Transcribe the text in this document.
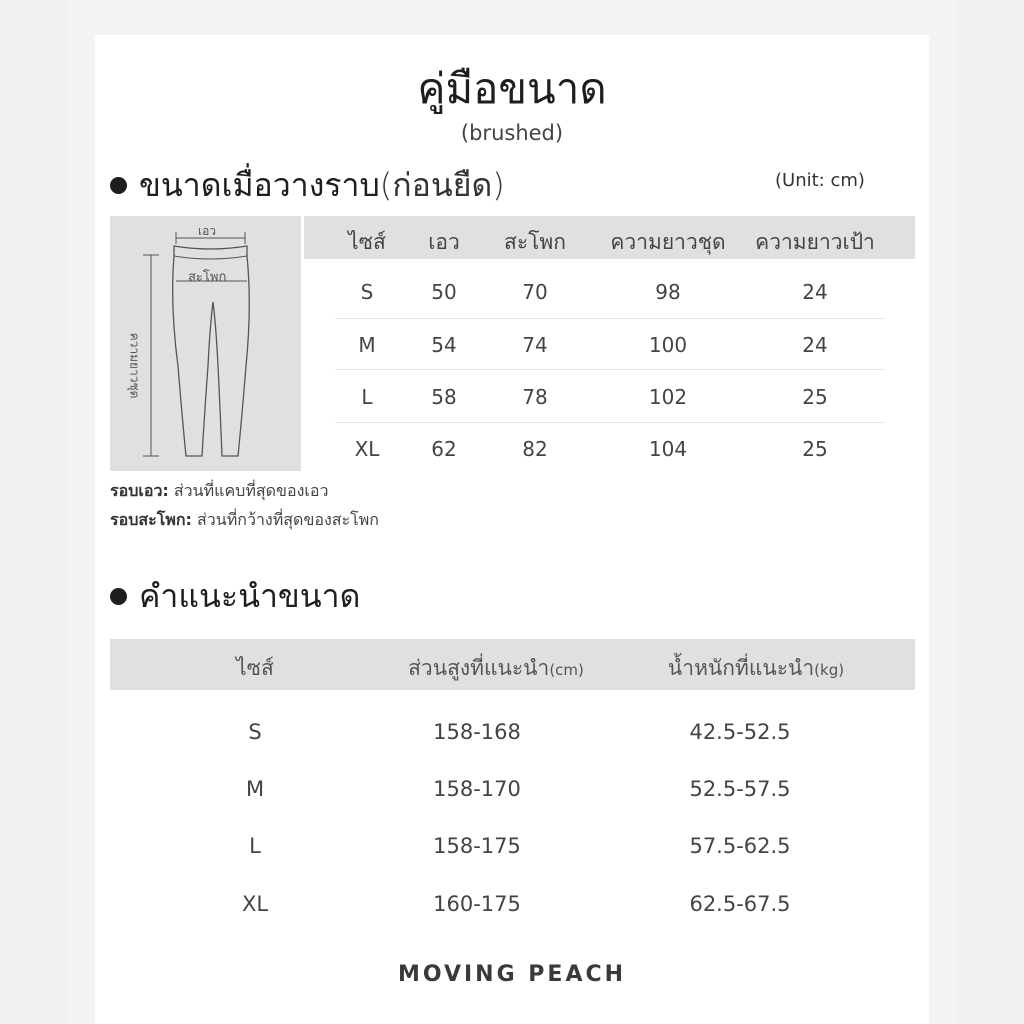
คู่มือขนาด
(brushed)
ขนาดเมื่อวางราบ (ก่อนยืด)	(Unit: cm)
เอว
สะโพก
ความยาวชุด
ไซส์ เอว สะโพก ความยาวชุด ความยาวเป้า
S	50	70	98	24
M	54	74	100	24
L	58	78	102	25
XL	62	82	104	25
รอบเอว: ส่วนที่แคบที่สุดของเอว
รอบสะโพก: ส่วนที่กว้างที่สุดของสะโพก
คำแนะนำขนาด
ไซส์	ส่วนสูงที่แนะนำ(cm)	น้ำหนักที่แนะนำ(kg)
S	158-168	42.5-52.5
M	158-170	52.5-57.5
L	158-175	57.5-62.5
XL	160-175	62.5-67.5
MOVING PEACH
